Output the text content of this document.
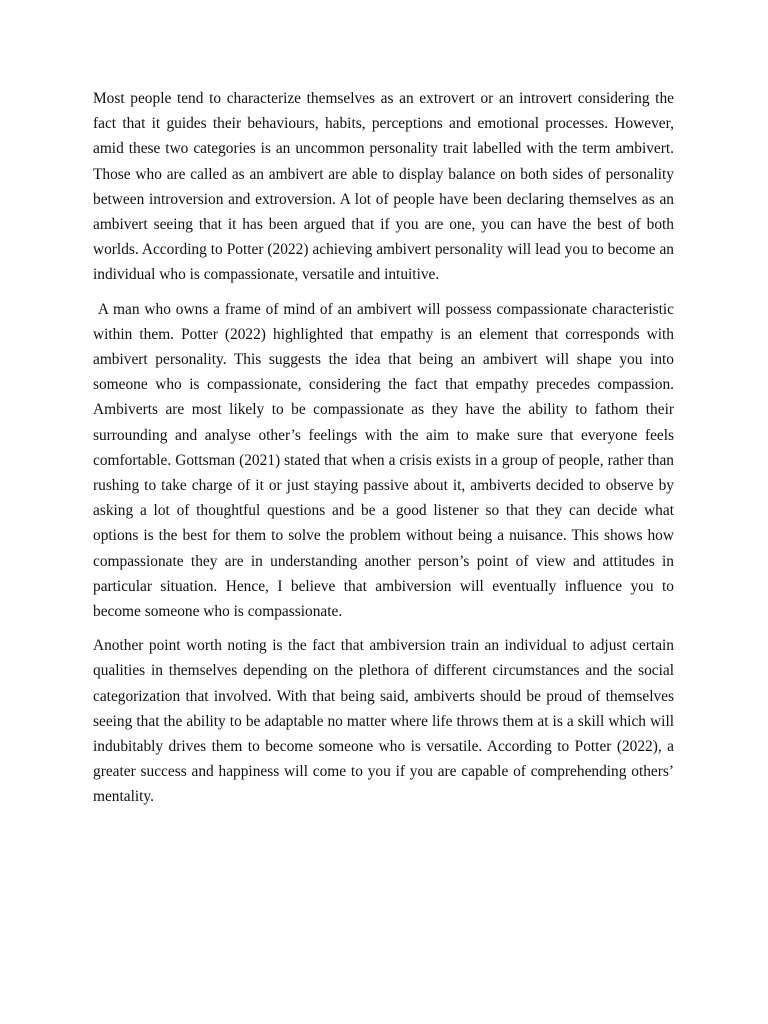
Most people tend to characterize themselves as an extrovert or an introvert considering the fact that it guides their behaviours, habits, perceptions and emotional processes. However, amid these two categories is an uncommon personality trait labelled with the term ambivert. Those who are called as an ambivert are able to display balance on both sides of personality between introversion and extroversion. A lot of people have been declaring themselves as an ambivert seeing that it has been argued that if you are one, you can have the best of both worlds. According to Potter (2022) achieving ambivert personality will lead you to become an individual who is compassionate, versatile and intuitive.

A man who owns a frame of mind of an ambivert will possess compassionate characteristic within them. Potter (2022) highlighted that empathy is an element that corresponds with ambivert personality. This suggests the idea that being an ambivert will shape you into someone who is compassionate, considering the fact that empathy precedes compassion. Ambiverts are most likely to be compassionate as they have the ability to fathom their surrounding and analyse other’s feelings with the aim to make sure that everyone feels comfortable. Gottsman (2021) stated that when a crisis exists in a group of people, rather than rushing to take charge of it or just staying passive about it, ambiverts decided to observe by asking a lot of thoughtful questions and be a good listener so that they can decide what options is the best for them to solve the problem without being a nuisance. This shows how compassionate they are in understanding another person’s point of view and attitudes in particular situation. Hence, I believe that ambiversion will eventually influence you to become someone who is compassionate.

Another point worth noting is the fact that ambiversion train an individual to adjust certain qualities in themselves depending on the plethora of different circumstances and the social categorization that involved. With that being said, ambiverts should be proud of themselves seeing that the ability to be adaptable no matter where life throws them at is a skill which will indubitably drives them to become someone who is versatile. According to Potter (2022), a greater success and happiness will come to you if you are capable of comprehending others’ mentality.
